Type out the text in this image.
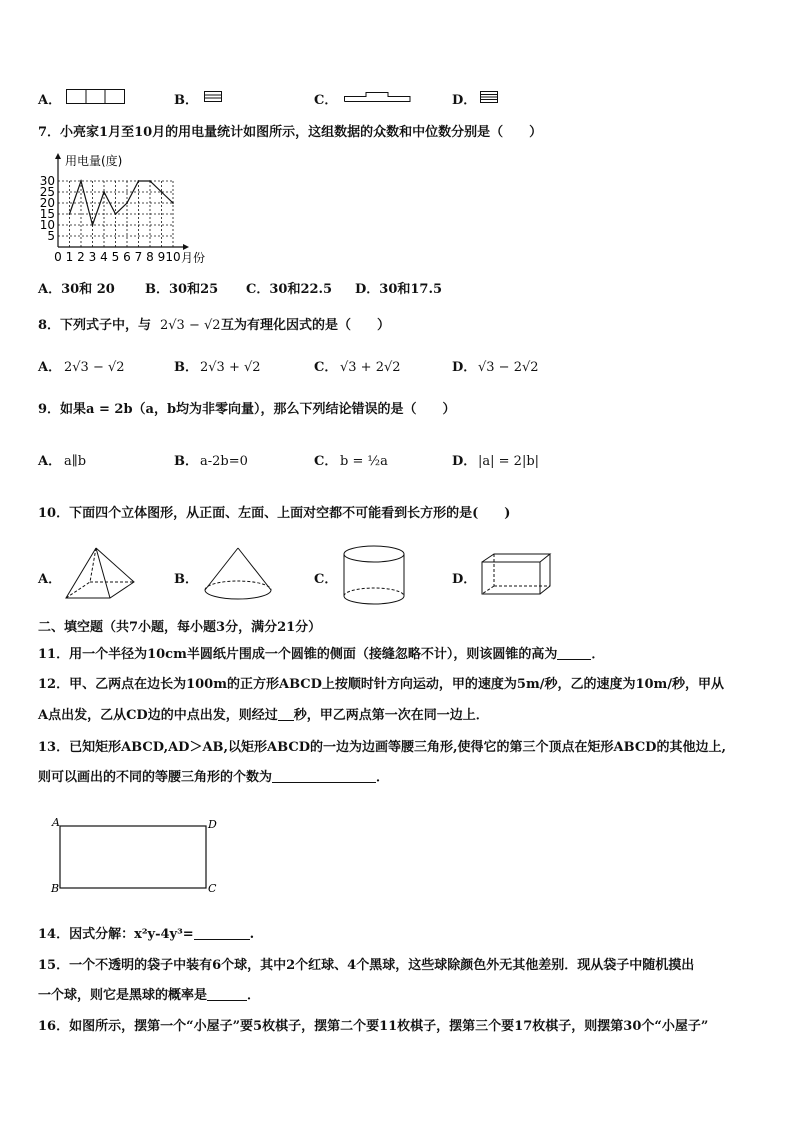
A．	B．	C．	D．
7．小亮家1月至10月的用电量统计如图所示，这组数据的众数和中位数分别是（　　）
5
10
15
20
25
30
0 1 2 3 4 5 6 7 8 9 10
用电量(度)
月份
A．30和 20 B．30和25 C．30和22.5 D．30和17.5
8．下列式子中，与 2√3 − √2 互为有理化因式的是（　　）
A． 2√3 − √2	B． 2√3 + √2	C． √3 + 2√2	D． √3 − 2√2
9．如果a = 2b（a，b均为非零向量），那么下列结论错误的是（　　）
A． a∥b	B． a-2b=0	C． b = ½a	D． |a| = 2|b|
10．下面四个立体图形，从正面、左面、上面对空都不可能看到长方形的是(　　)
A．	B．	C．	D．
二、填空题（共7小题，每小题3分，满分21分）
11．用一个半径为10cm半圆纸片围成一个圆锥的侧面（接缝忽略不计），则该圆锥的高为	．
12．甲、乙两点在边长为100m的正方形ABCD上按顺时针方向运动，甲的速度为5m/秒，乙的速度为10m/秒，甲从
A点出发，乙从CD边的中点出发，则经过 秒，甲乙两点第一次在同一边上．
13．已知矩形ABCD,AD＞AB,以矩形ABCD的一边为边画等腰三角形,使得它的第三个顶点在矩形ABCD的其他边上,
则可以画出的不同的等腰三角形的个数为	．
A	D
B	C
14．因式分解：x²y-4y³=	.
15．一个不透明的袋子中装有6个球，其中2个红球、4个黑球，这些球除颜色外无其他差别．现从袋子中随机摸出
一个球，则它是黑球的概率是	．
16．如图所示，摆第一个“小屋子”要5枚棋子，摆第二个要11枚棋子，摆第三个要17枚棋子，则摆第30个“小屋子”
